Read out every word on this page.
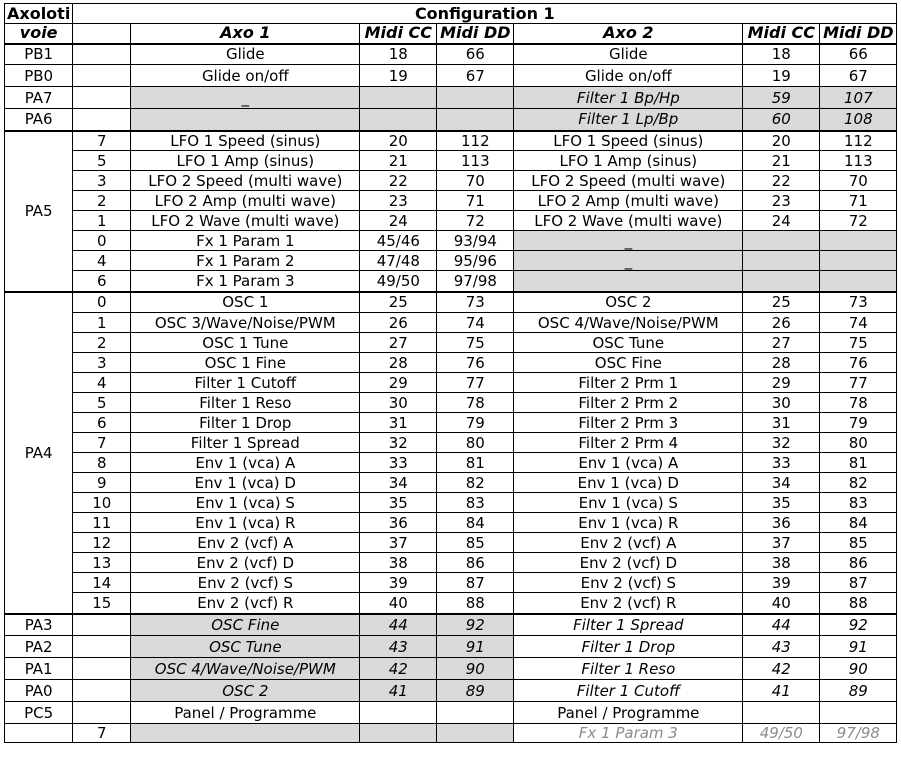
Axoloti	Configuration 1						
voie		Axo 1	Midi CC	Midi DD	Axo 2	Midi CC	Midi DD
PB1		Glide	18	66	Glide	18	66
PB0		Glide on/off	19	67	Glide on/off	19	67
PA7		_			Filter 1 Bp/Hp	59	107
PA6					Filter 1 Lp/Bp	60	108
PA5	7	LFO 1 Speed (sinus)	20	112	LFO 1 Speed (sinus)	20	112
	5	LFO 1 Amp (sinus)	21	113	LFO 1 Amp (sinus)	21	113
	3	LFO 2 Speed (multi wave)	22	70	LFO 2 Speed (multi wave)	22	70
	2	LFO 2 Amp (multi wave)	23	71	LFO 2 Amp (multi wave)	23	71
	1	LFO 2 Wave (multi wave)	24	72	LFO 2 Wave (multi wave)	24	72
	0	Fx 1 Param 1	45/46	93/94	_		
	4	Fx 1 Param 2	47/48	95/96	_		
	6	Fx 1 Param 3	49/50	97/98			
PA4	0	OSC 1	25	73	OSC 2	25	73
	1	OSC 3/Wave/Noise/PWM	26	74	OSC 4/Wave/Noise/PWM	26	74
	2	OSC 1 Tune	27	75	OSC Tune	27	75
	3	OSC 1 Fine	28	76	OSC Fine	28	76
	4	Filter 1 Cutoff	29	77	Filter 2 Prm 1	29	77
	5	Filter 1 Reso	30	78	Filter 2 Prm 2	30	78
	6	Filter 1 Drop	31	79	Filter 2 Prm 3	31	79
	7	Filter 1 Spread	32	80	Filter 2 Prm 4	32	80
	8	Env 1 (vca) A	33	81	Env 1 (vca) A	33	81
	9	Env 1 (vca) D	34	82	Env 1 (vca) D	34	82
	10	Env 1 (vca) S	35	83	Env 1 (vca) S	35	83
	11	Env 1 (vca) R	36	84	Env 1 (vca) R	36	84
	12	Env 2 (vcf) A	37	85	Env 2 (vcf) A	37	85
	13	Env 2 (vcf) D	38	86	Env 2 (vcf) D	38	86
	14	Env 2 (vcf) S	39	87	Env 2 (vcf) S	39	87
	15	Env 2 (vcf) R	40	88	Env 2 (vcf) R	40	88
PA3		OSC Fine	44	92	Filter 1 Spread	44	92
PA2		OSC Tune	43	91	Filter 1 Drop	43	91
PA1		OSC 4/Wave/Noise/PWM	42	90	Filter 1 Reso	42	90
PA0		OSC 2	41	89	Filter 1 Cutoff	41	89
PC5		Panel / Programme			Panel / Programme		
	7				Fx 1 Param 3	49/50	97/98
